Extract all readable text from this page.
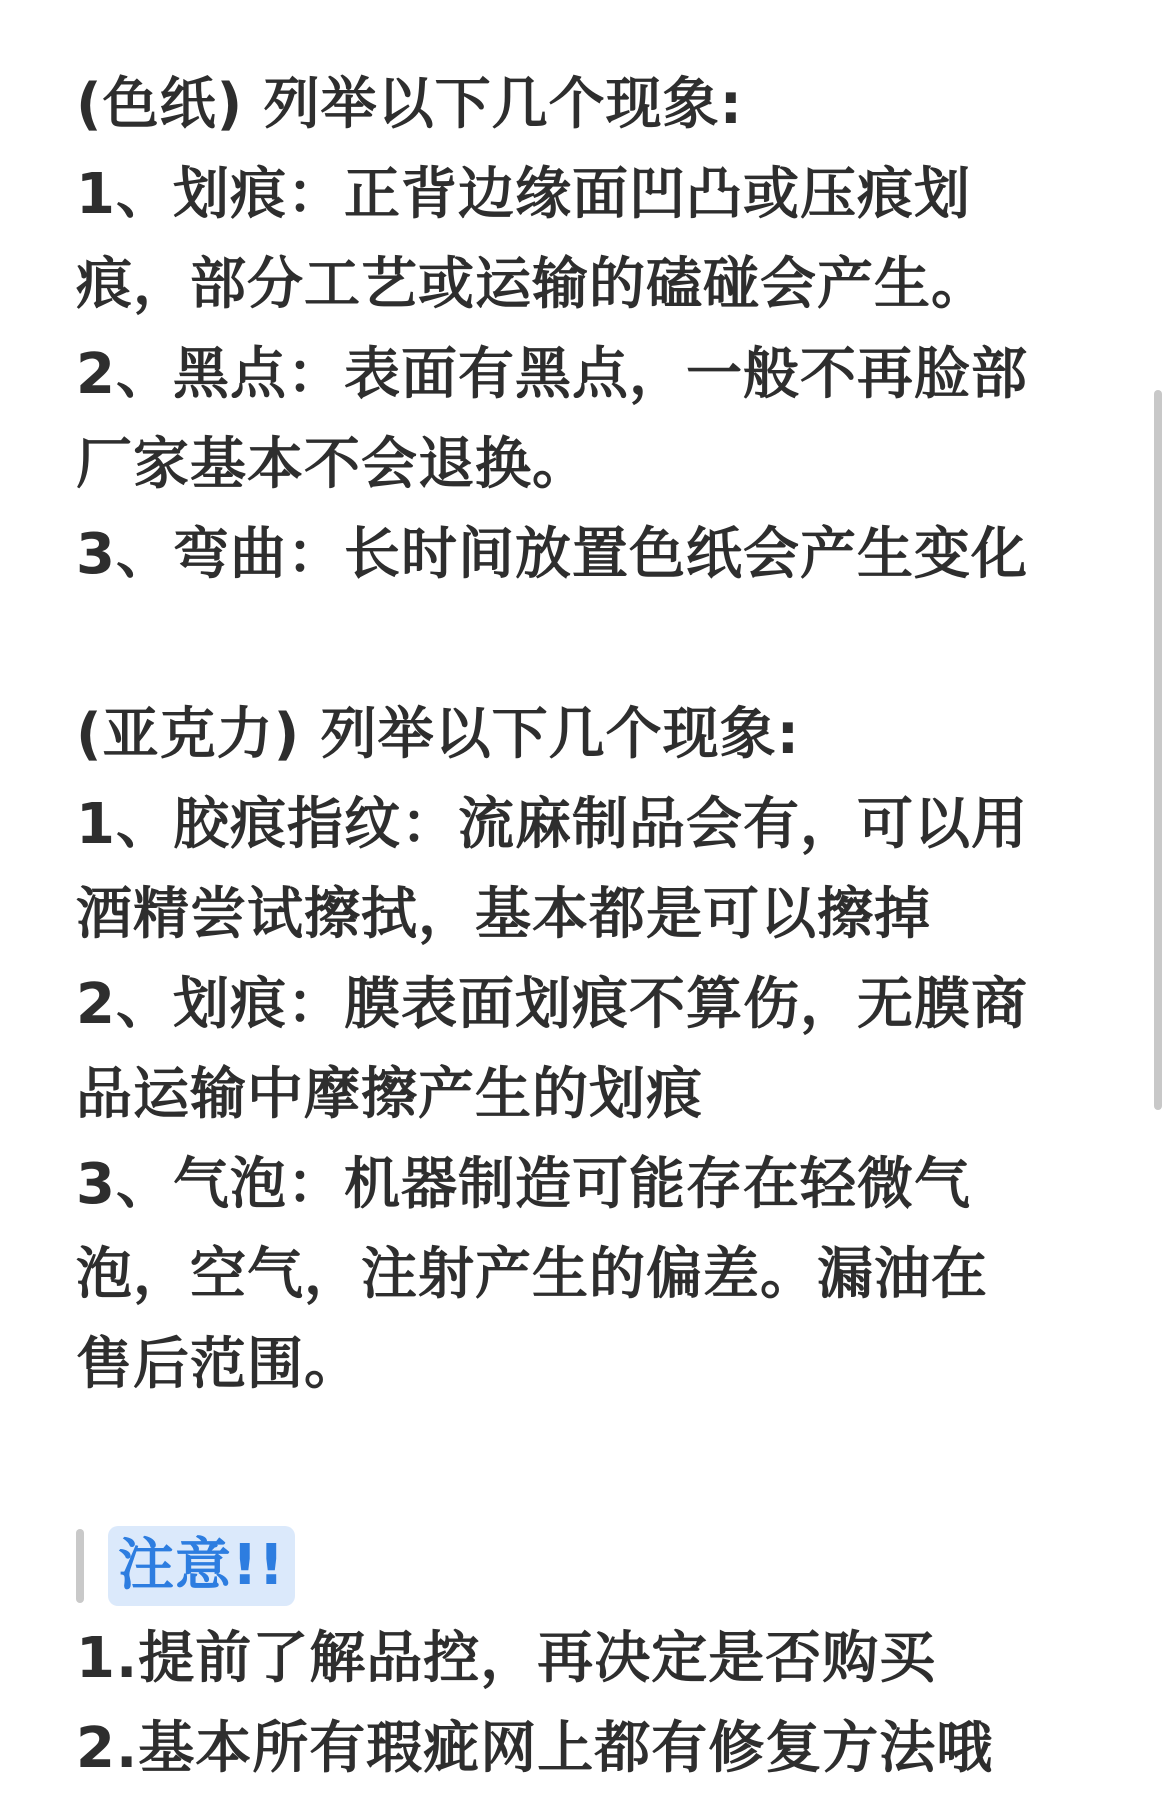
(色纸) 列举以下几个现象:
1、划痕：正背边缘面凹凸或压痕划
痕，部分工艺或运输的磕碰会产生。
2、黑点：表面有黑点，一般不再脸部
厂家基本不会退换。
3、弯曲：长时间放置色纸会产生变化
(亚克力) 列举以下几个现象:
1、胶痕指纹：流麻制品会有，可以用
酒精尝试擦拭，基本都是可以擦掉
2、划痕：膜表面划痕不算伤，无膜商
品运输中摩擦产生的划痕
3、气泡：机器制造可能存在轻微气
泡，空气，注射产生的偏差。漏油在
售后范围。
注意!!
1.提前了解品控，再决定是否购买
2.基本所有瑕疵网上都有修复方法哦
